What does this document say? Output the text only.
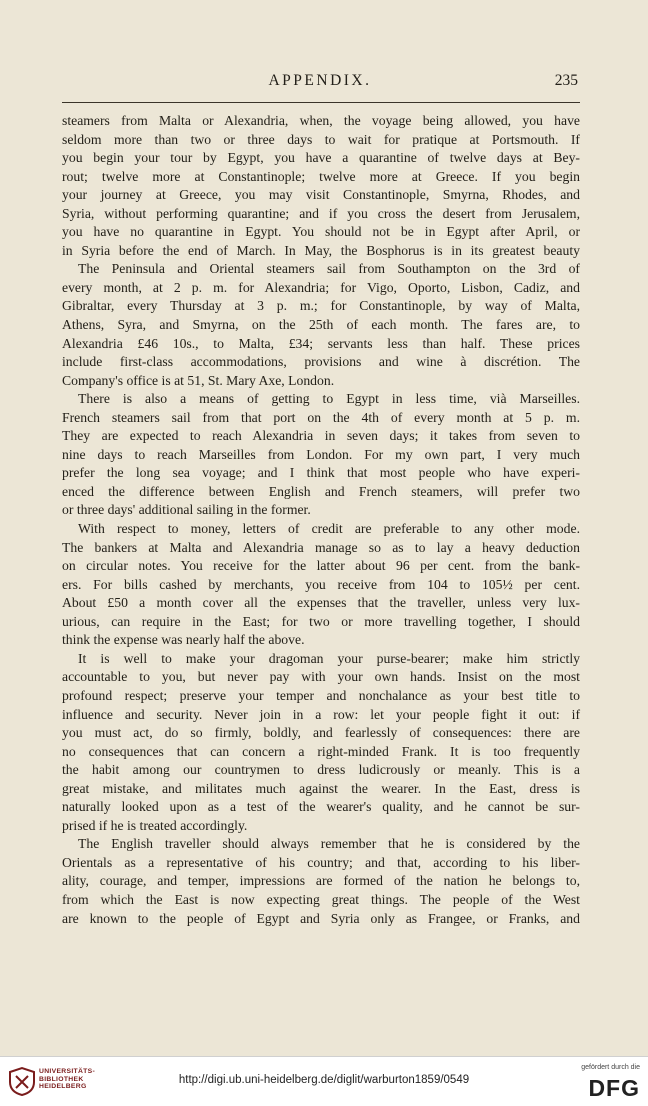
APPENDIX.	235
steamers from Malta or Alexandria, when, the voyage being allowed, you have
seldom more than two or three days to wait for pratique at Portsmouth. If
you begin your tour by Egypt, you have a quarantine of twelve days at Bey-
rout; twelve more at Constantinople; twelve more at Greece. If you begin
your journey at Greece, you may visit Constantinople, Smyrna, Rhodes, and
Syria, without performing quarantine; and if you cross the desert from Jerusalem,
you have no quarantine in Egypt. You should not be in Egypt after April, or
in Syria before the end of March. In May, the Bosphorus is in its greatest beauty
The Peninsula and Oriental steamers sail from Southampton on the 3rd of
every month, at 2 p. m. for Alexandria; for Vigo, Oporto, Lisbon, Cadiz, and
Gibraltar, every Thursday at 3 p. m.; for Constantinople, by way of Malta,
Athens, Syra, and Smyrna, on the 25th of each month. The fares are, to
Alexandria £46 10s., to Malta, £34; servants less than half. These prices
include first-class accommodations, provisions and wine à discrétion. The
Company's office is at 51, St. Mary Axe, London.
There is also a means of getting to Egypt in less time, vià Marseilles.
French steamers sail from that port on the 4th of every month at 5 p. m.
They are expected to reach Alexandria in seven days; it takes from seven to
nine days to reach Marseilles from London. For my own part, I very much
prefer the long sea voyage; and I think that most people who have experi-
enced the difference between English and French steamers, will prefer two
or three days' additional sailing in the former.
With respect to money, letters of credit are preferable to any other mode.
The bankers at Malta and Alexandria manage so as to lay a heavy deduction
on circular notes. You receive for the latter about 96 per cent. from the bank-
ers. For bills cashed by merchants, you receive from 104 to 105½ per cent.
About £50 a month cover all the expenses that the traveller, unless very lux-
urious, can require in the East; for two or more travelling together, I should
think the expense was nearly half the above.
It is well to make your dragoman your purse-bearer; make him strictly
accountable to you, but never pay with your own hands. Insist on the most
profound respect; preserve your temper and nonchalance as your best title to
influence and security. Never join in a row: let your people fight it out: if
you must act, do so firmly, boldly, and fearlessly of consequences: there are
no consequences that can concern a right-minded Frank. It is too frequently
the habit among our countrymen to dress ludicrously or meanly. This is a
great mistake, and militates much against the wearer. In the East, dress is
naturally looked upon as a test of the wearer's quality, and he cannot be sur-
prised if he is treated accordingly.
The English traveller should always remember that he is considered by the
Orientals as a representative of his country; and that, according to his liber-
ality, courage, and temper, impressions are formed of the nation he belongs to,
from which the East is now expecting great things. The people of the West
are known to the people of Egypt and Syria only as Frangee, or Franks, and
UNIVERSITÄTS-
BIBLIOTHEK
HEIDELBERG
http://digi.ub.uni-heidelberg.de/diglit/warburton1859/0549
gefördert durch die
DFG
